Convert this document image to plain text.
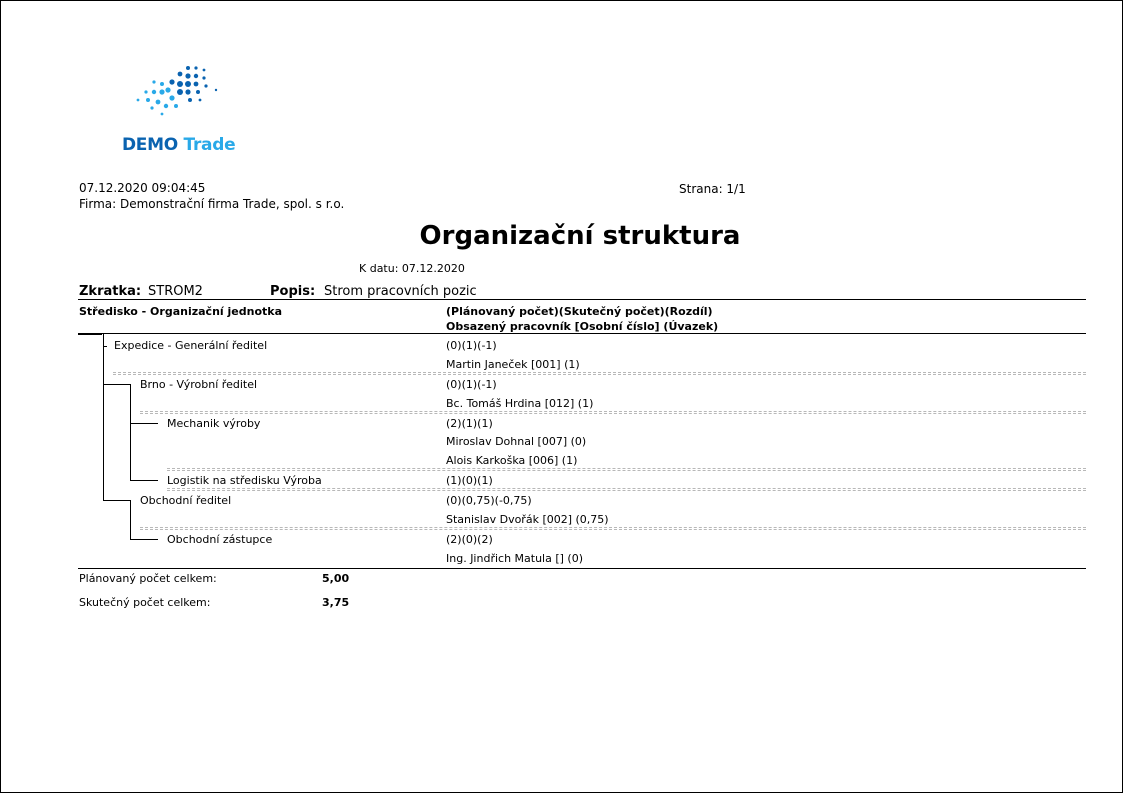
DEMO Trade
07.12.2020 09:04:45	Strana: 1/1
Firma: Demonstrační firma Trade, spol. s r.o.
Organizační struktura
K datu: 07.12.2020
Zkratka: STROM2	Popis: Strom pracovních pozic
Středisko - Organizační jednotka	(Plánovaný počet)(Skutečný počet)(Rozdíl)
Obsazený pracovník [Osobní číslo] (Úvazek)
Expedice - Generální ředitel	(0)(1)(-1)
Martin Janeček [001] (1)
Brno - Výrobní ředitel	(0)(1)(-1)
Bc. Tomáš Hrdina [012] (1)
Mechanik výroby	(2)(1)(1)
Miroslav Dohnal [007] (0)
Alois Karkoška [006] (1)
Logistik na středisku Výroba	(1)(0)(1)
Obchodní ředitel	(0)(0,75)(-0,75)
Stanislav Dvořák [002] (0,75)
Obchodní zástupce	(2)(0)(2)
Ing. Jindřich Matula [] (0)
Plánovaný počet celkem:	5,00
Skutečný počet celkem:	3,75
